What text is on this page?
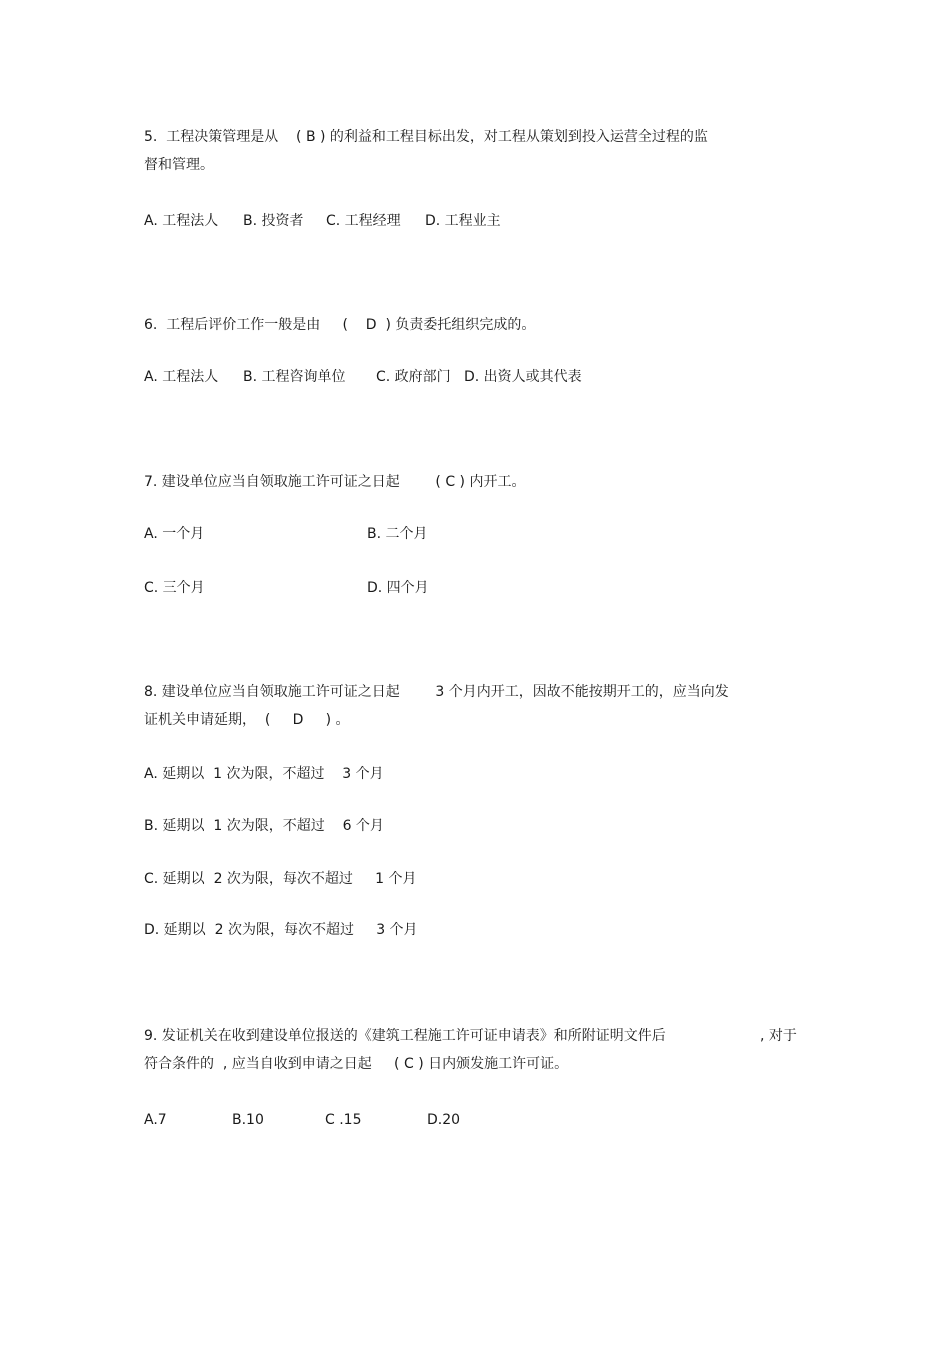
5.  工程决策管理是从    ( B ) 的利益和工程目标出发，对工程从策划到投入运营全过程的监
督和管理。
A. 工程法人 B. 投资者 C. 工程经理 D. 工程业主
6.  工程后评价工作一般是由     (    D  ) 负责委托组织完成的。
A. 工程法人 B. 工程咨询单位 C. 政府部门 D. 出资人或其代表
7. 建设单位应当自领取施工许可证之日起        ( C ) 内开工。
A. 一个月	B. 二个月
C. 三个月	D. 四个月
8. 建设单位应当自领取施工许可证之日起        3 个月内开工，因故不能按期开工的，应当向发
证机关申请延期，  (     D     ) 。
A. 延期以  1 次为限，不超过    3 个月
B. 延期以  1 次为限，不超过    6 个月
C. 延期以  2 次为限，每次不超过     1 个月
D. 延期以  2 次为限，每次不超过     3 个月
9. 发证机关在收到建设单位报送的《建筑工程施工许可证申请表》和所附证明文件后	, 对于
符合条件的  , 应当自收到申请之日起     ( C ) 日内颁发施工许可证。
A.7	B.10	C .15	D.20
